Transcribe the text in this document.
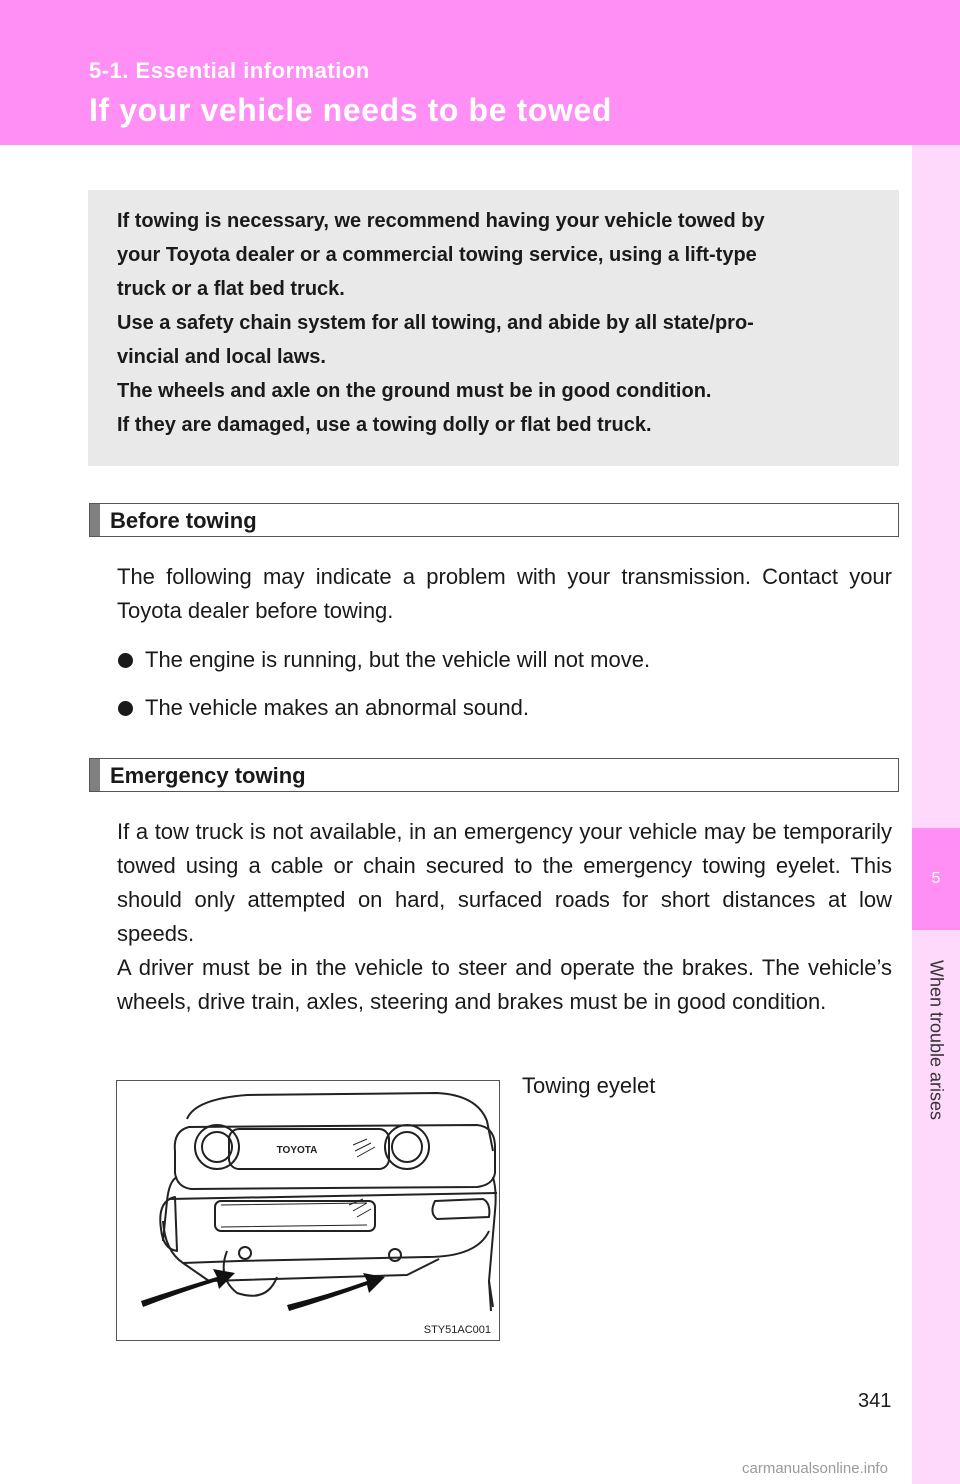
5-1. Essential information
If your vehicle needs to be towed
5
When trouble arises

If towing is necessary, we recommend having your vehicle towed by

your Toyota dealer or a commercial towing service, using a lift-type

truck or a flat bed truck.

Use a safety chain system for all towing, and abide by all state/pro-

vincial and local laws.

The wheels and axle on the ground must be in good condition.

If they are damaged, use a towing dolly or flat bed truck.

Before towing

The following may indicate a problem with your transmission. Contact your Toyota dealer before towing.

The engine is running, but the vehicle will not move.

The vehicle makes an abnormal sound.

Emergency towing

If a tow truck is not available, in an emergency your vehicle may be temporarily towed using a cable or chain secured to the emergency towing eyelet. This should only attempted on hard, surfaced roads for short distances at low speeds.

A driver must be in the vehicle to steer and operate the brakes. The vehicle’s wheels, drive train, axles, steering and brakes must be in good condition.

TOYOTA
STY51AC001
Towing eyelet
341
carmanualsonline.info
